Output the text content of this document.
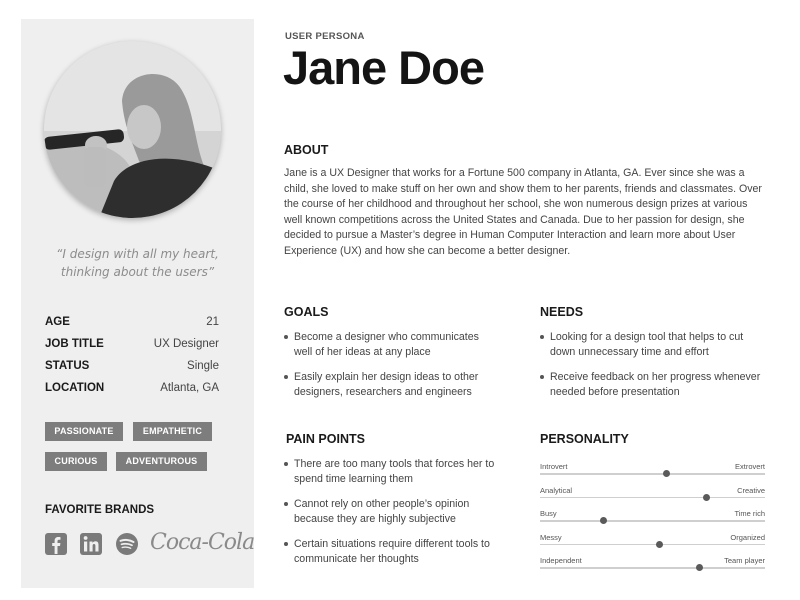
“I design with all my heart,
thinking about the users”
AGE	21
JOB TITLE	UX Designer
STATUS	Single
LOCATION	Atlanta, GA
PASSIONATE	EMPATHETIC
CURIOUS	ADVENTUROUS
FAVORITE BRANDS
Coca-Cola
USER PERSONA
Jane Doe
ABOUT
Jane is a UX Designer that works for a Fortune 500 company in Atlanta, GA. Ever since she was a child, she loved to make stuff on her own and show them to her parents, friends and classmates. Over the course of her childhood and throughout her school, she won numerous design prizes at various well known competitions across the United States and Canada. Due to her passion for design, she decided to pursue a Master’s degree in Human Computer Interaction and learn more about User Experience (UX) and how she can become a better designer.
GOALS
Become a designer who communicates well of her ideas at any place
Easily explain her design ideas to other designers, researchers and engineers
NEEDS
Looking for a design tool that helps to cut down unnecessary time and effort
Receive feedback on her progress whenever needed before presentation
PAIN POINTS
There are too many tools that forces her to spend time learning them
Cannot rely on other people’s opinion because they are highly subjective
Certain situations require different tools to communicate her thoughts
PERSONALITY
Introvert	Extrovert
Analytical	Creative
Busy	Time rich
Messy	Organized
Independent	Team player
